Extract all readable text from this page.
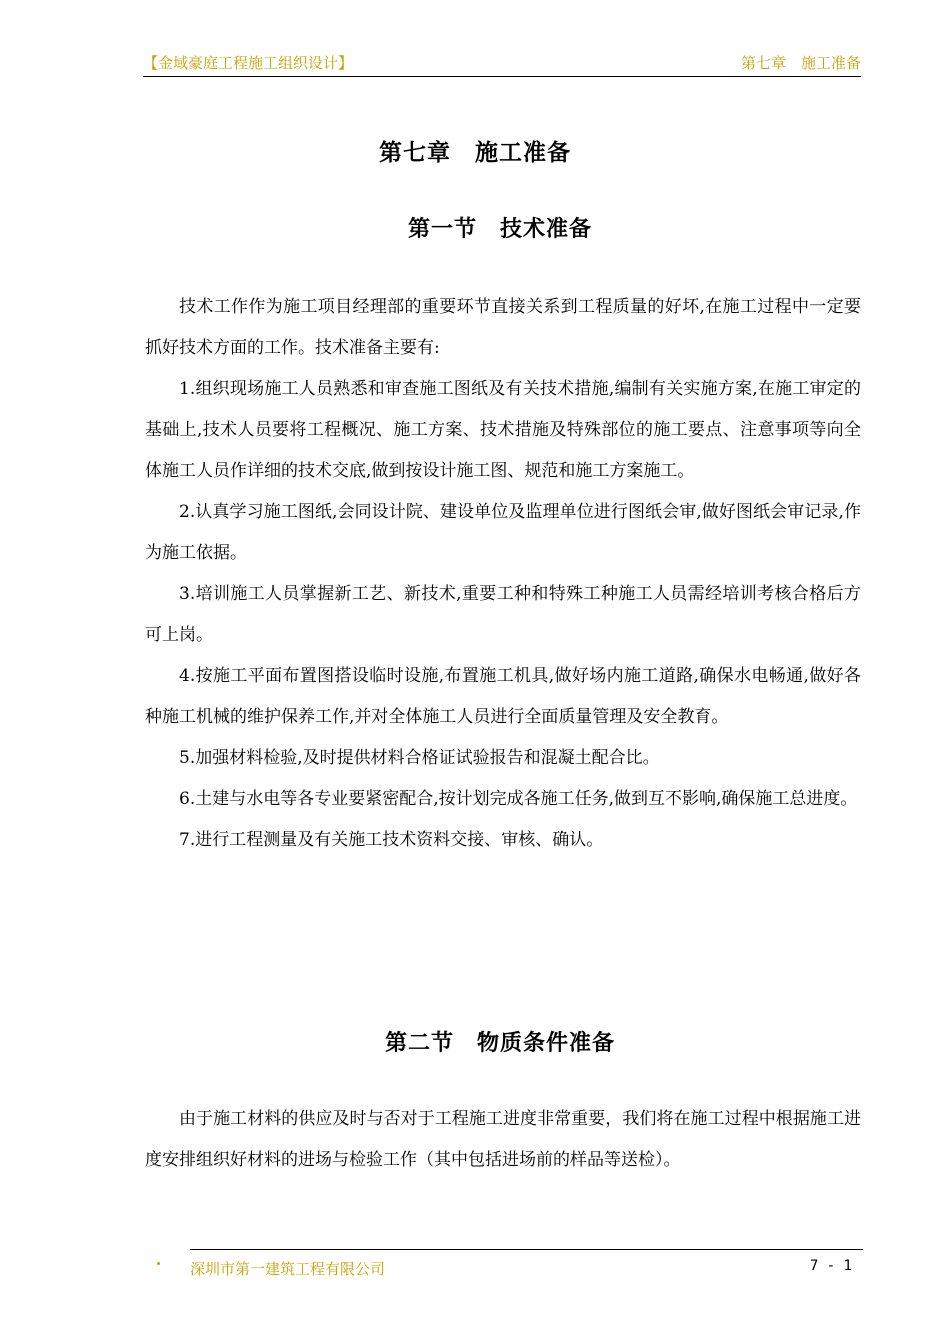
【金域豪庭工程施工组织设计】	第七章　施工准备
第七章　施工准备
第一节　技术准备

技术工作作为施工项目经理部的重要环节直接关系到工程质量的好坏,在施工过程中一定要抓好技术方面的工作。技术准备主要有:

1.组织现场施工人员熟悉和审查施工图纸及有关技术措施,编制有关实施方案,在施工审定的基础上,技术人员要将工程概况、施工方案、技术措施及特殊部位的施工要点、注意事项等向全体施工人员作详细的技术交底,做到按设计施工图、规范和施工方案施工。

2.认真学习施工图纸,会同设计院、建设单位及监理单位进行图纸会审,做好图纸会审记录,作为施工依据。

3.培训施工人员掌握新工艺、新技术,重要工种和特殊工种施工人员需经培训考核合格后方可上岗。

4.按施工平面布置图搭设临时设施,布置施工机具,做好场内施工道路,确保水电畅通,做好各种施工机械的维护保养工作,并对全体施工人员进行全面质量管理及安全教育。

5.加强材料检验,及时提供材料合格证试验报告和混凝土配合比。

6.土建与水电等各专业要紧密配合,按计划完成各施工任务,做到互不影响,确保施工总进度。

7.进行工程测量及有关施工技术资料交接、审核、确认。

第二节　物质条件准备

由于施工材料的供应及时与否对于工程施工进度非常重要，我们将在施工过程中根据施工进度安排组织好材料的进场与检验工作（其中包括进场前的样品等送检）。

深圳市第一建筑工程有限公司	7 - 1
